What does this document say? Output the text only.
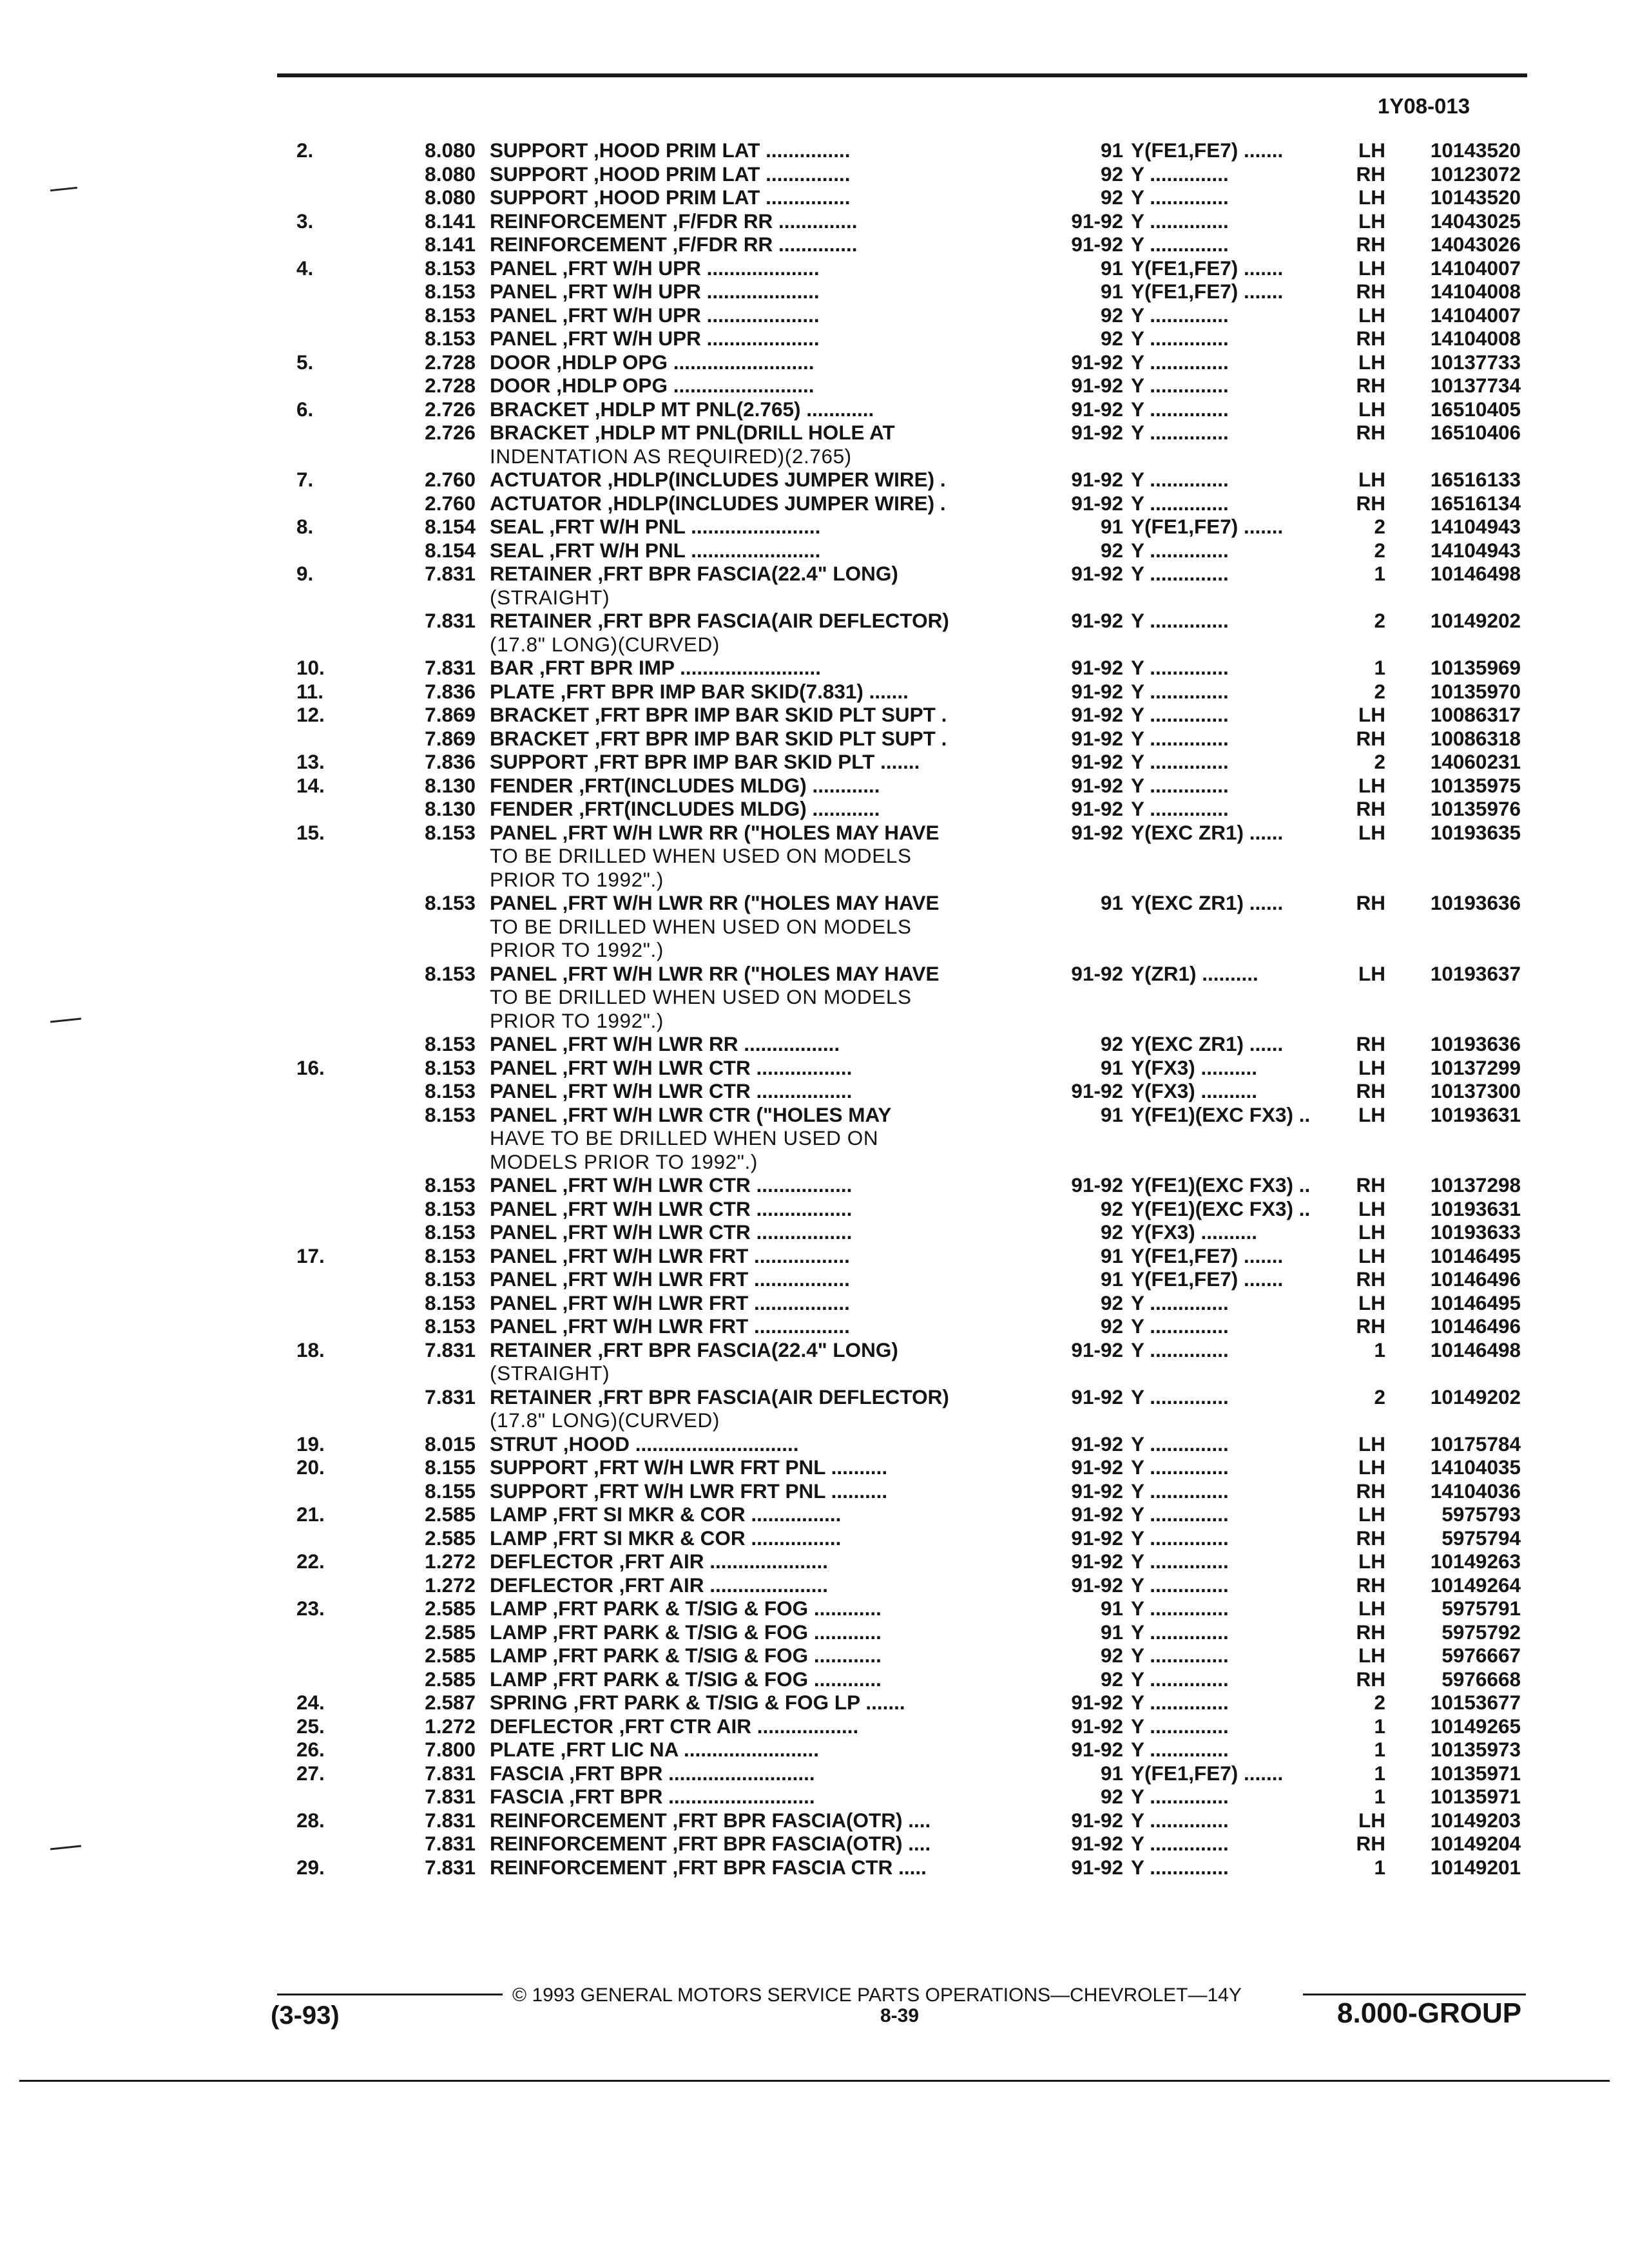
1Y08-013
	2.	8.080	SUPPORT ,HOOD PRIM LAT ...............	91	Y(FE1,FE7) .......	LH	10143520	
		8.080	SUPPORT ,HOOD PRIM LAT ...............	92	Y ..............	RH	10123072	
		8.080	SUPPORT ,HOOD PRIM LAT ...............	92	Y ..............	LH	10143520	
	3.	8.141	REINFORCEMENT ,F/FDR RR ..............	91-92	Y ..............	LH	14043025	
		8.141	REINFORCEMENT ,F/FDR RR ..............	91-92	Y ..............	RH	14043026	
	4.	8.153	PANEL ,FRT W/H UPR ....................	91	Y(FE1,FE7) .......	LH	14104007	
		8.153	PANEL ,FRT W/H UPR ....................	91	Y(FE1,FE7) .......	RH	14104008	
		8.153	PANEL ,FRT W/H UPR ....................	92	Y ..............	LH	14104007	
		8.153	PANEL ,FRT W/H UPR ....................	92	Y ..............	RH	14104008	
	5.	2.728	DOOR ,HDLP OPG .........................	91-92	Y ..............	LH	10137733	
		2.728	DOOR ,HDLP OPG .........................	91-92	Y ..............	RH	10137734	
	6.	2.726	BRACKET ,HDLP MT PNL(2.765) ............	91-92	Y ..............	LH	16510405	
		2.726	BRACKET ,HDLP MT PNL(DRILL HOLE AT	91-92	Y ..............	RH	16510406	
			INDENTATION AS REQUIRED)(2.765)					
	7.	2.760	ACTUATOR ,HDLP(INCLUDES JUMPER WIRE) .	91-92	Y ..............	LH	16516133	
		2.760	ACTUATOR ,HDLP(INCLUDES JUMPER WIRE) .	91-92	Y ..............	RH	16516134	
	8.	8.154	SEAL ,FRT W/H PNL .......................	91	Y(FE1,FE7) .......	2	14104943	
		8.154	SEAL ,FRT W/H PNL .......................	92	Y ..............	2	14104943	
	9.	7.831	RETAINER ,FRT BPR FASCIA(22.4" LONG)	91-92	Y ..............	1	10146498	
			(STRAIGHT)					
		7.831	RETAINER ,FRT BPR FASCIA(AIR DEFLECTOR)	91-92	Y ..............	2	10149202	
			(17.8" LONG)(CURVED)					
	10.	7.831	BAR ,FRT BPR IMP .........................	91-92	Y ..............	1	10135969	
	11.	7.836	PLATE ,FRT BPR IMP BAR SKID(7.831) .......	91-92	Y ..............	2	10135970	
	12.	7.869	BRACKET ,FRT BPR IMP BAR SKID PLT SUPT .	91-92	Y ..............	LH	10086317	
		7.869	BRACKET ,FRT BPR IMP BAR SKID PLT SUPT .	91-92	Y ..............	RH	10086318	
	13.	7.836	SUPPORT ,FRT BPR IMP BAR SKID PLT .......	91-92	Y ..............	2	14060231	
	14.	8.130	FENDER ,FRT(INCLUDES MLDG) ............	91-92	Y ..............	LH	10135975	
		8.130	FENDER ,FRT(INCLUDES MLDG) ............	91-92	Y ..............	RH	10135976	
	15.	8.153	PANEL ,FRT W/H LWR RR ("HOLES MAY HAVE	91-92	Y(EXC ZR1) ......	LH	10193635	
			TO BE DRILLED WHEN USED ON MODELS					
			PRIOR TO 1992".)					
		8.153	PANEL ,FRT W/H LWR RR ("HOLES MAY HAVE	91	Y(EXC ZR1) ......	RH	10193636	
			TO BE DRILLED WHEN USED ON MODELS					
			PRIOR TO 1992".)					
		8.153	PANEL ,FRT W/H LWR RR ("HOLES MAY HAVE	91-92	Y(ZR1) ..........	LH	10193637	
			TO BE DRILLED WHEN USED ON MODELS					
			PRIOR TO 1992".)					
		8.153	PANEL ,FRT W/H LWR RR .................	92	Y(EXC ZR1) ......	RH	10193636	
	16.	8.153	PANEL ,FRT W/H LWR CTR .................	91	Y(FX3) ..........	LH	10137299	
		8.153	PANEL ,FRT W/H LWR CTR .................	91-92	Y(FX3) ..........	RH	10137300	
		8.153	PANEL ,FRT W/H LWR CTR ("HOLES MAY	91	Y(FE1)(EXC FX3) ..	LH	10193631	
			HAVE TO BE DRILLED WHEN USED ON					
			MODELS PRIOR TO 1992".)					
		8.153	PANEL ,FRT W/H LWR CTR .................	91-92	Y(FE1)(EXC FX3) ..	RH	10137298	
		8.153	PANEL ,FRT W/H LWR CTR .................	92	Y(FE1)(EXC FX3) ..	LH	10193631	
		8.153	PANEL ,FRT W/H LWR CTR .................	92	Y(FX3) ..........	LH	10193633	
	17.	8.153	PANEL ,FRT W/H LWR FRT .................	91	Y(FE1,FE7) .......	LH	10146495	
		8.153	PANEL ,FRT W/H LWR FRT .................	91	Y(FE1,FE7) .......	RH	10146496	
		8.153	PANEL ,FRT W/H LWR FRT .................	92	Y ..............	LH	10146495	
		8.153	PANEL ,FRT W/H LWR FRT .................	92	Y ..............	RH	10146496	
	18.	7.831	RETAINER ,FRT BPR FASCIA(22.4" LONG)	91-92	Y ..............	1	10146498	
			(STRAIGHT)					
		7.831	RETAINER ,FRT BPR FASCIA(AIR DEFLECTOR)	91-92	Y ..............	2	10149202	
			(17.8" LONG)(CURVED)					
	19.	8.015	STRUT ,HOOD .............................	91-92	Y ..............	LH	10175784	
	20.	8.155	SUPPORT ,FRT W/H LWR FRT PNL ..........	91-92	Y ..............	LH	14104035	
		8.155	SUPPORT ,FRT W/H LWR FRT PNL ..........	91-92	Y ..............	RH	14104036	
	21.	2.585	LAMP ,FRT SI MKR & COR ................	91-92	Y ..............	LH	5975793	
		2.585	LAMP ,FRT SI MKR & COR ................	91-92	Y ..............	RH	5975794	
	22.	1.272	DEFLECTOR ,FRT AIR .....................	91-92	Y ..............	LH	10149263	
		1.272	DEFLECTOR ,FRT AIR .....................	91-92	Y ..............	RH	10149264	
	23.	2.585	LAMP ,FRT PARK & T/SIG & FOG ............	91	Y ..............	LH	5975791	
		2.585	LAMP ,FRT PARK & T/SIG & FOG ............	91	Y ..............	RH	5975792	
		2.585	LAMP ,FRT PARK & T/SIG & FOG ............	92	Y ..............	LH	5976667	
		2.585	LAMP ,FRT PARK & T/SIG & FOG ............	92	Y ..............	RH	5976668	
	24.	2.587	SPRING ,FRT PARK & T/SIG & FOG LP .......	91-92	Y ..............	2	10153677	
	25.	1.272	DEFLECTOR ,FRT CTR AIR ..................	91-92	Y ..............	1	10149265	
	26.	7.800	PLATE ,FRT LIC NA ........................	91-92	Y ..............	1	10135973	
	27.	7.831	FASCIA ,FRT BPR ..........................	91	Y(FE1,FE7) .......	1	10135971	
		7.831	FASCIA ,FRT BPR ..........................	92	Y ..............	1	10135971	
	28.	7.831	REINFORCEMENT ,FRT BPR FASCIA(OTR) ....	91-92	Y ..............	LH	10149203	
		7.831	REINFORCEMENT ,FRT BPR FASCIA(OTR) ....	91-92	Y ..............	RH	10149204	
	29.	7.831	REINFORCEMENT ,FRT BPR FASCIA CTR .....	91-92	Y ..............	1	10149201	
© 1993 GENERAL MOTORS SERVICE PARTS OPERATIONS—CHEVROLET—14Y
(3-93)	8-39	8.000-GROUP
